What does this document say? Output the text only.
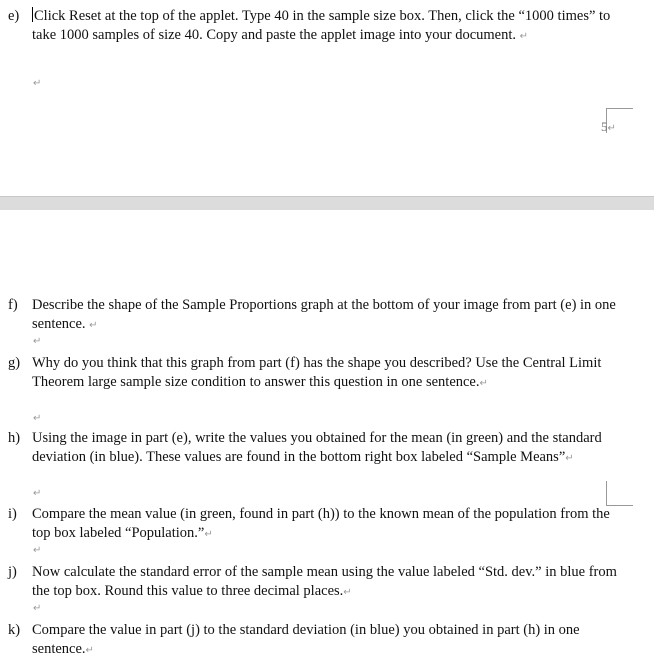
e)	Click Reset at the top of the applet. Type 40 in the sample size box. Then, click the “1000 times” to take 1000 samples of size 40. Copy and paste the applet image into your document. ↵
↵
5↵
f) Describe the shape of the Sample Proportions graph at the bottom of your image from part (e) in one sentence. ↵
↵
g) Why do you think that this graph from part (f) has the shape you described? Use the Central Limit Theorem large sample size condition to answer this question in one sentence.↵
↵
h) Using the image in part (e), write the values you obtained for the mean (in green) and the standard deviation (in blue). These values are found in the bottom right box labeled “Sample Means”↵
↵
i)	Compare the mean value (in green, found in part (h)) to the known mean of the population from the top box labeled “Population.”↵
↵
j)	Now calculate the standard error of the sample mean using the value labeled “Std. dev.” in blue from the top box. Round this value to three decimal places.↵
↵
k) Compare the value in part (j) to the standard deviation (in blue) you obtained in part (h) in one sentence.↵
